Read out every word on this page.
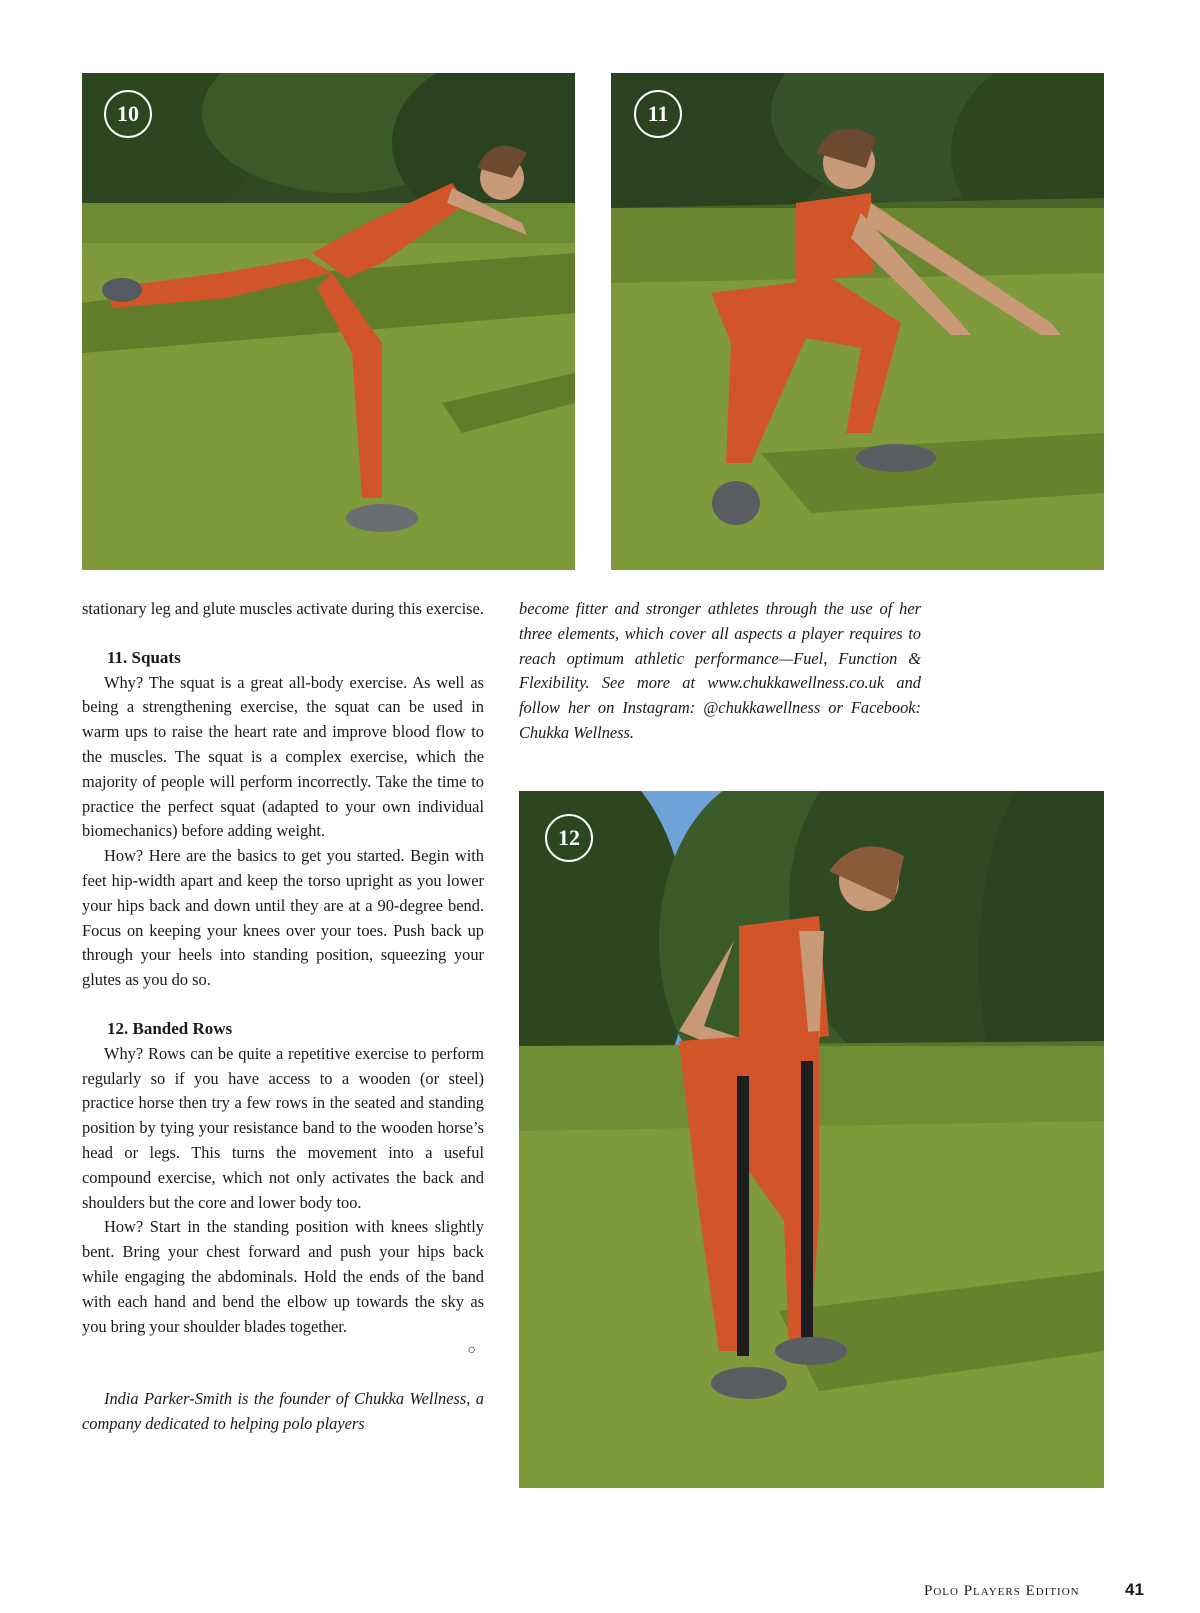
10	11
12

stationary leg and glute muscles activate during this exercise.

11. Squats

Why? The squat is a great all-body exercise. As well as being a strengthening exercise, the squat can be used in warm ups to raise the heart rate and improve blood flow to the muscles. The squat is a complex exercise, which the majority of people will perform incorrectly. Take the time to practice the perfect squat (adapted to your own individual biomechanics) before adding weight.

How? Here are the basics to get you started. Begin with feet hip-width apart and keep the torso upright as you lower your hips back and down until they are at a 90-degree bend. Focus on keeping your knees over your toes. Push back up through your heels into standing position, squeezing your glutes as you do so.

12. Banded Rows

Why? Rows can be quite a repetitive exercise to perform regularly so if you have access to a wooden (or steel) practice horse then try a few rows in the seated and standing position by tying your resistance band to the wooden horse’s head or legs. This turns the movement into a useful compound exercise, which not only activates the back and shoulders but the core and lower body too.

How? Start in the standing position with knees slightly bent. Bring your chest forward and push your hips back while engaging the abdominals. Hold the ends of the band with each hand and bend the elbow up towards the sky as you bring your shoulder blades together.

○

India Parker-Smith is the founder of Chukka Wellness, a company dedicated to helping polo players

become fitter and stronger athletes through the use of her three elements, which cover all aspects a player requires to reach optimum athletic performance—Fuel, Function & Flexibility. See more at www.chukkawellness.co.uk and follow her on Instagram: @chukkawellness or Facebook: Chukka Wellness.

Polo Players Edition	41
